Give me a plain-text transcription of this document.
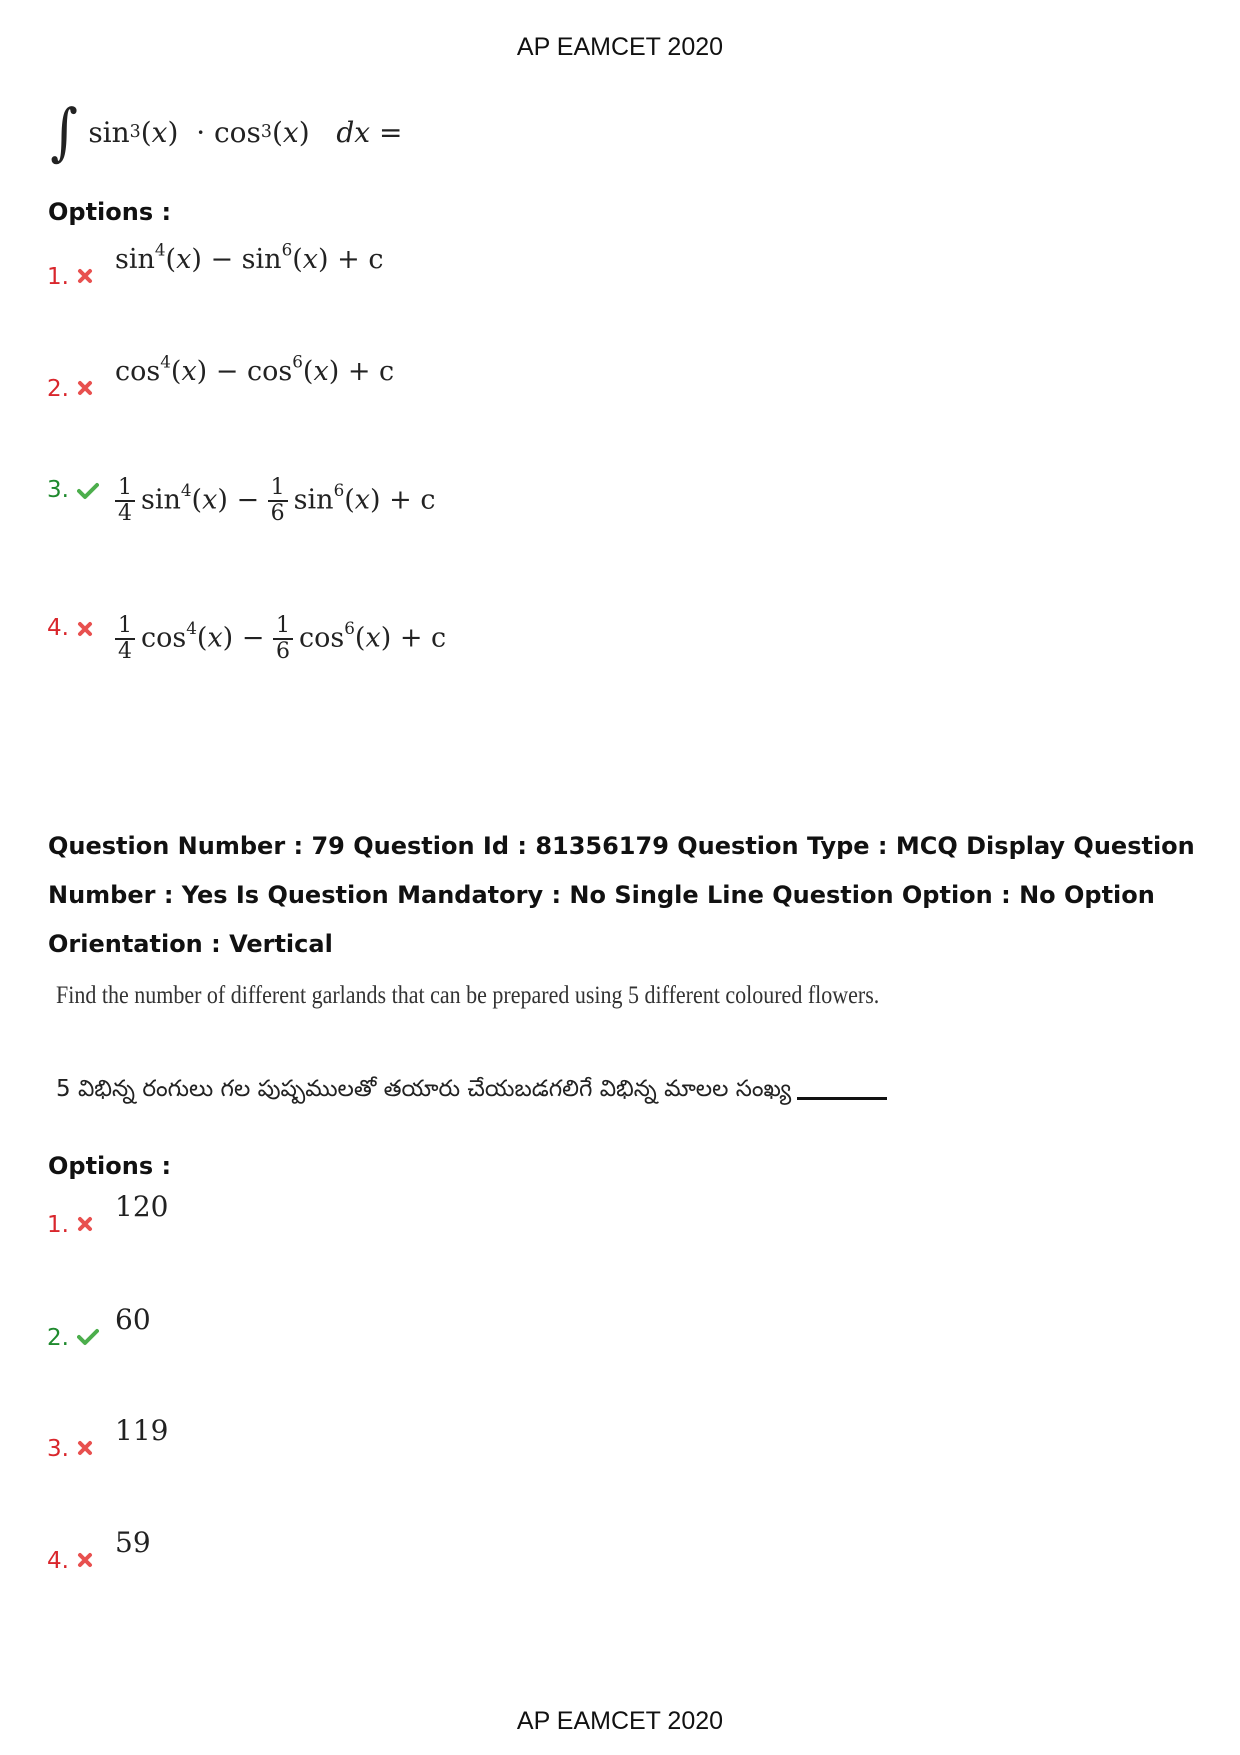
AP EAMCET 2020
∫ sin 3 ( x ) ·
cos 3 ( x ) dx
=
Options :
1.
$\sin^4(x) - \sin^6(x) + c$
2.
$\cos^4(x) - \cos^6(x) + c$
3.	$\frac{1}{4} \sin^4(x) - \frac{1}{6} \sin^6(x) + c$
4.	$\frac{1}{4} \cos^4(x) - \frac{1}{6} \cos^6(x) + c$
Question Number : 79 Question Id : 81356179 Question Type : MCQ Display Question Number : Yes Is Question Mandatory : No Single Line Question Option : No Option Orientation : Vertical
Find the number of different garlands that can be prepared using 5 different coloured flowers.
5 విభిన్న రంగులు గల పుష్పములతో తయారు చేయబడగలిగే విభిన్న మాలల సంఖ్య
Options :
1.
120
2.
60
3.
119
4.
59
AP EAMCET 2020
